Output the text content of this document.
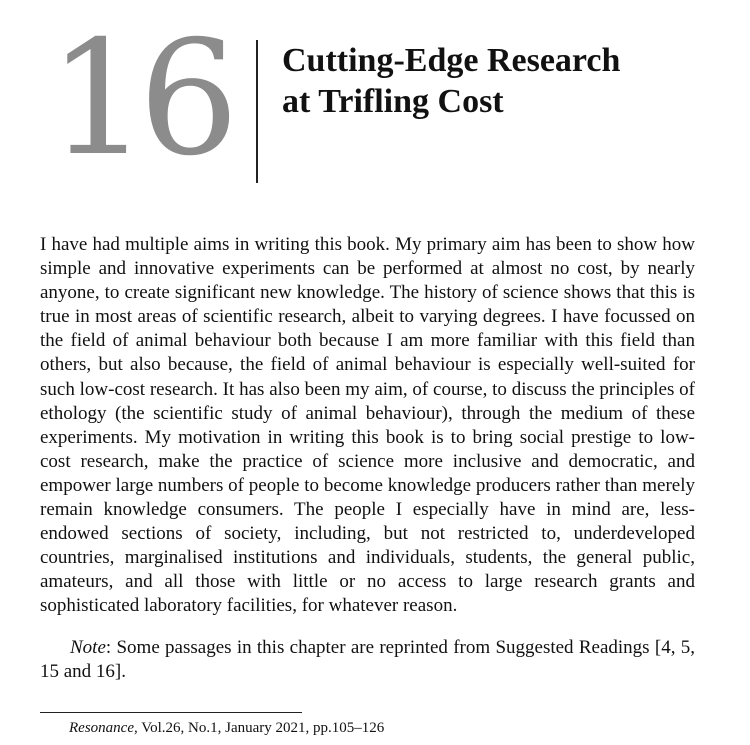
16 Cutting-Edge Research
at Trifling Cost

I have had multiple aims in writing this book. My primary aim has been to show how simple and innovative experiments can be performed at almost no cost, by nearly anyone, to create significant new knowledge. The history of science shows that this is true in most areas of scientific research, albeit to varying degrees. I have focussed on the field of animal behaviour both because I am more familiar with this field than others, but also because, the field of animal behaviour is especially well-suited for such low-cost research. It has also been my aim, of course, to discuss the principles of ethology (the scientific study of animal behaviour), through the medium of these experiments. My motivation in writing this book is to bring social prestige to low-cost research, make the practice of science more inclusive and democratic, and empower large numbers of people to become knowledge producers rather than merely remain knowledge consumers. The people I especially have in mind are, less-endowed sections of society, including, but not restricted to, underdeveloped countries, marginalised institutions and individuals, students, the general public, amateurs, and all those with little or no access to large research grants and sophisticated laboratory facilities, for whatever reason.

Note: Some passages in this chapter are reprinted from Suggested Readings [4, 5, 15 and 16].

Resonance, Vol.26, No.1, January 2021, pp.105–126
